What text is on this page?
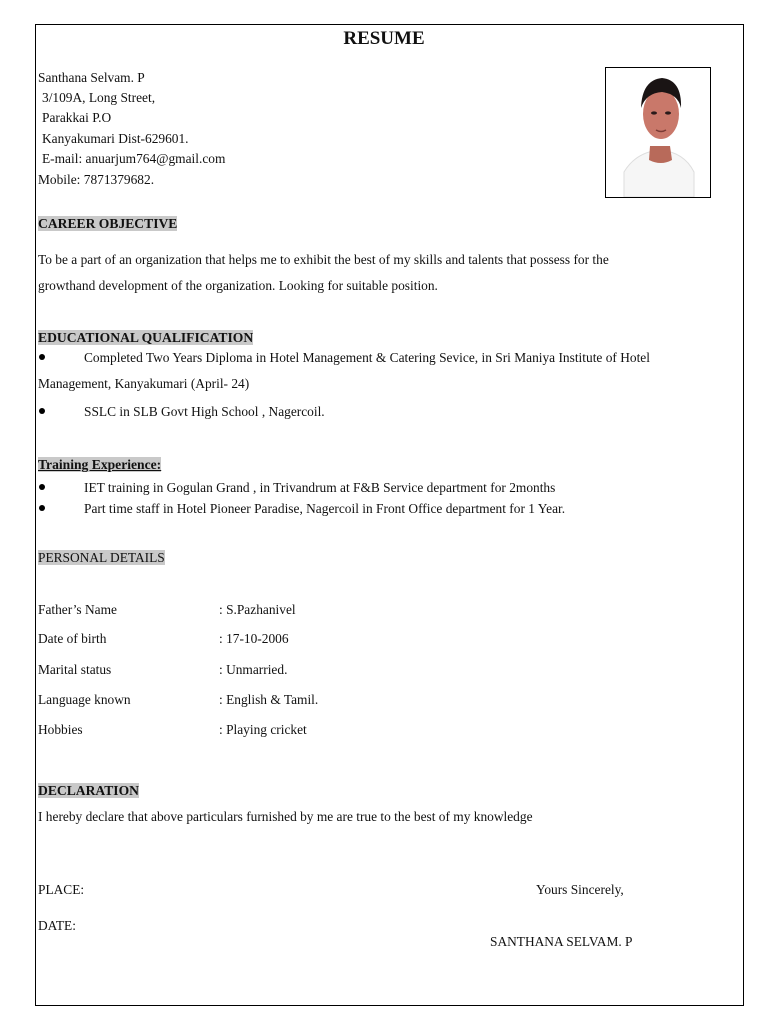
RESUME
Santhana Selvam. P
3/109A, Long Street,
Parakkai P.O
Kanyakumari Dist-629601.
E-mail: anuarjum764@gmail.com
Mobile: 7871379682.
CAREER OBJECTIVE
To be a part of an organization that helps me to exhibit the best of my skills and talents that possess for the
growthand development of the organization. Looking for suitable position.
EDUCATIONAL QUALIFICATION
Completed Two Years Diploma in Hotel Management & Catering Sevice, in Sri Maniya Institute of Hotel
Management, Kanyakumari (April- 24)
SSLC in SLB Govt High School , Nagercoil.
Training Experience:
IET training in Gogulan Grand , in Trivandrum at F&B Service department for 2months
Part time staff in Hotel Pioneer Paradise, Nagercoil in Front Office department for 1 Year.
PERSONAL DETAILS
Father’s Name	: S.Pazhanivel
Date of birth	: 17-10-2006
Marital status	: Unmarried.
Language known	: English & Tamil.
Hobbies	: Playing cricket
DECLARATION
I hereby declare that above particulars furnished by me are true to the best of my knowledge
PLACE:	Yours Sincerely,
DATE:
SANTHANA SELVAM. P
